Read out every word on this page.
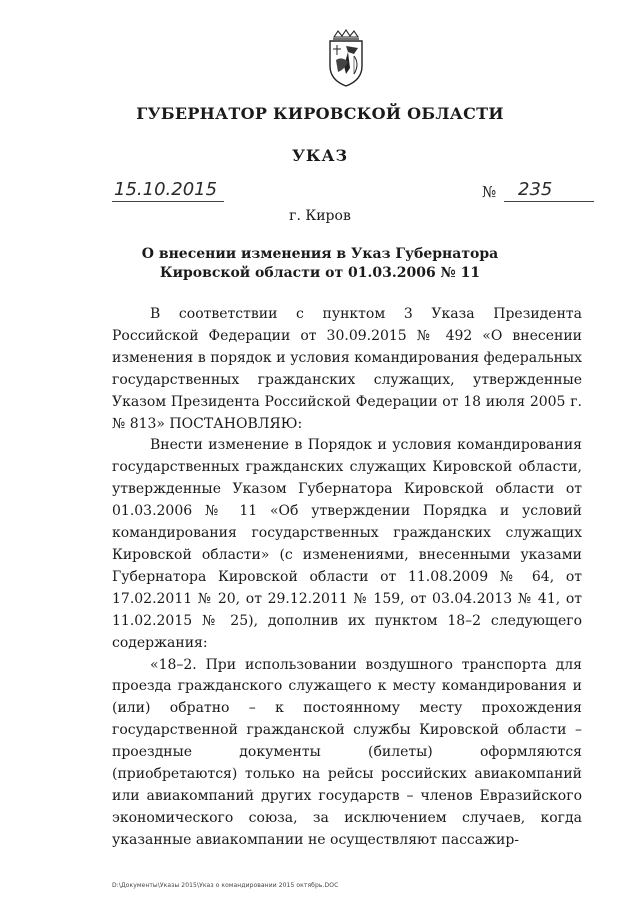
ГУБЕРНАТОР КИРОВСКОЙ ОБЛАСТИ
УКАЗ
15.10.2015	№	235
г. Киров
О внесении изменения в Указ Губернатора
Кировской области от 01.03.2006 № 11

В соответствии с пунктом 3 Указа Президента Российской Федерации от 30.09.2015 № 492 «О внесении изменения в порядок и условия командирования федеральных государственных гражданских служащих, утвержденные Указом Президента Российской Федерации от 18 июля 2005 г. № 813» ПОСТАНОВЛЯЮ:

Внести изменение в Порядок и условия командирования государственных гражданских служащих Кировской области, утвержденные Указом Губернатора Кировской области от 01.03.2006 № 11 «Об утверждении Порядка и условий командирования государственных гражданских служащих Кировской области» (с изменениями, внесенными указами Губернатора Кировской области от 11.08.2009 № 64, от 17.02.2011 № 20, от 29.12.2011 № 159, от 03.04.2013 № 41, от 11.02.2015 № 25), дополнив их пунктом 18–2 следующего содержания:

«18–2. При использовании воздушного транспорта для проезда гражданского служащего к месту командирования и (или) обратно – к постоянному месту прохождения государственной гражданской службы Кировской области – проездные документы (билеты) оформляются (приобретаются) только на рейсы российских авиакомпаний или авиакомпаний других государств – членов Евразийского экономического союза, за исключением случаев, когда указанные авиакомпании не осуществляют пассажир-

D:\Документы\Указы 2015\Указ о командировании 2015 октябрь.DOC
